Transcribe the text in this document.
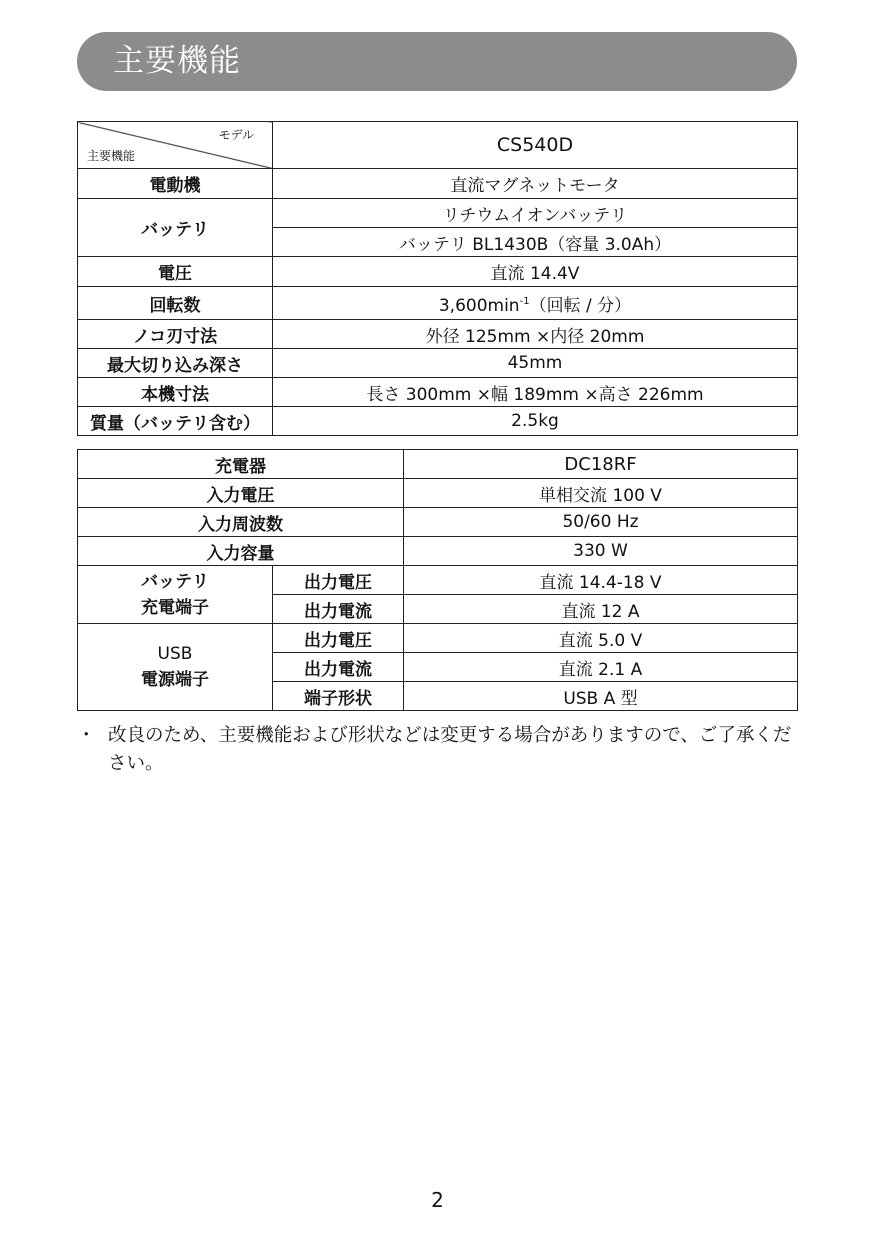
主要機能
モデル
主要機能	CS540D
電動機	直流マグネットモータ
バッテリ	リチウムイオンバッテリ
	バッテリ BL1430B（容量 3.0Ah）
電圧	直流 14.4V
回転数	$3,600\min^{-1}$（回転 / 分）
ノコ刃寸法	外径 125mm ×内径 20mm
最大切り込み深さ	45mm
本機寸法	長さ 300mm ×幅 189mm ×高さ 226mm
質量（バッテリ含む）	2.5kg
充電器		DC18RF
入力電圧		単相交流 100 V
入力周波数		50/60 Hz
入力容量		330 W

バッテリ
充電端子	出力電圧	直流 14.4-18 V
	出力電流	直流 12 A

USB
電源端子	出力電圧	直流 5.0 V
	出力電流	直流 2.1 A
	端子形状	USB A 型
・ 改良のため、主要機能および形状などは変更する場合がありますので、ご了承ください。
2
